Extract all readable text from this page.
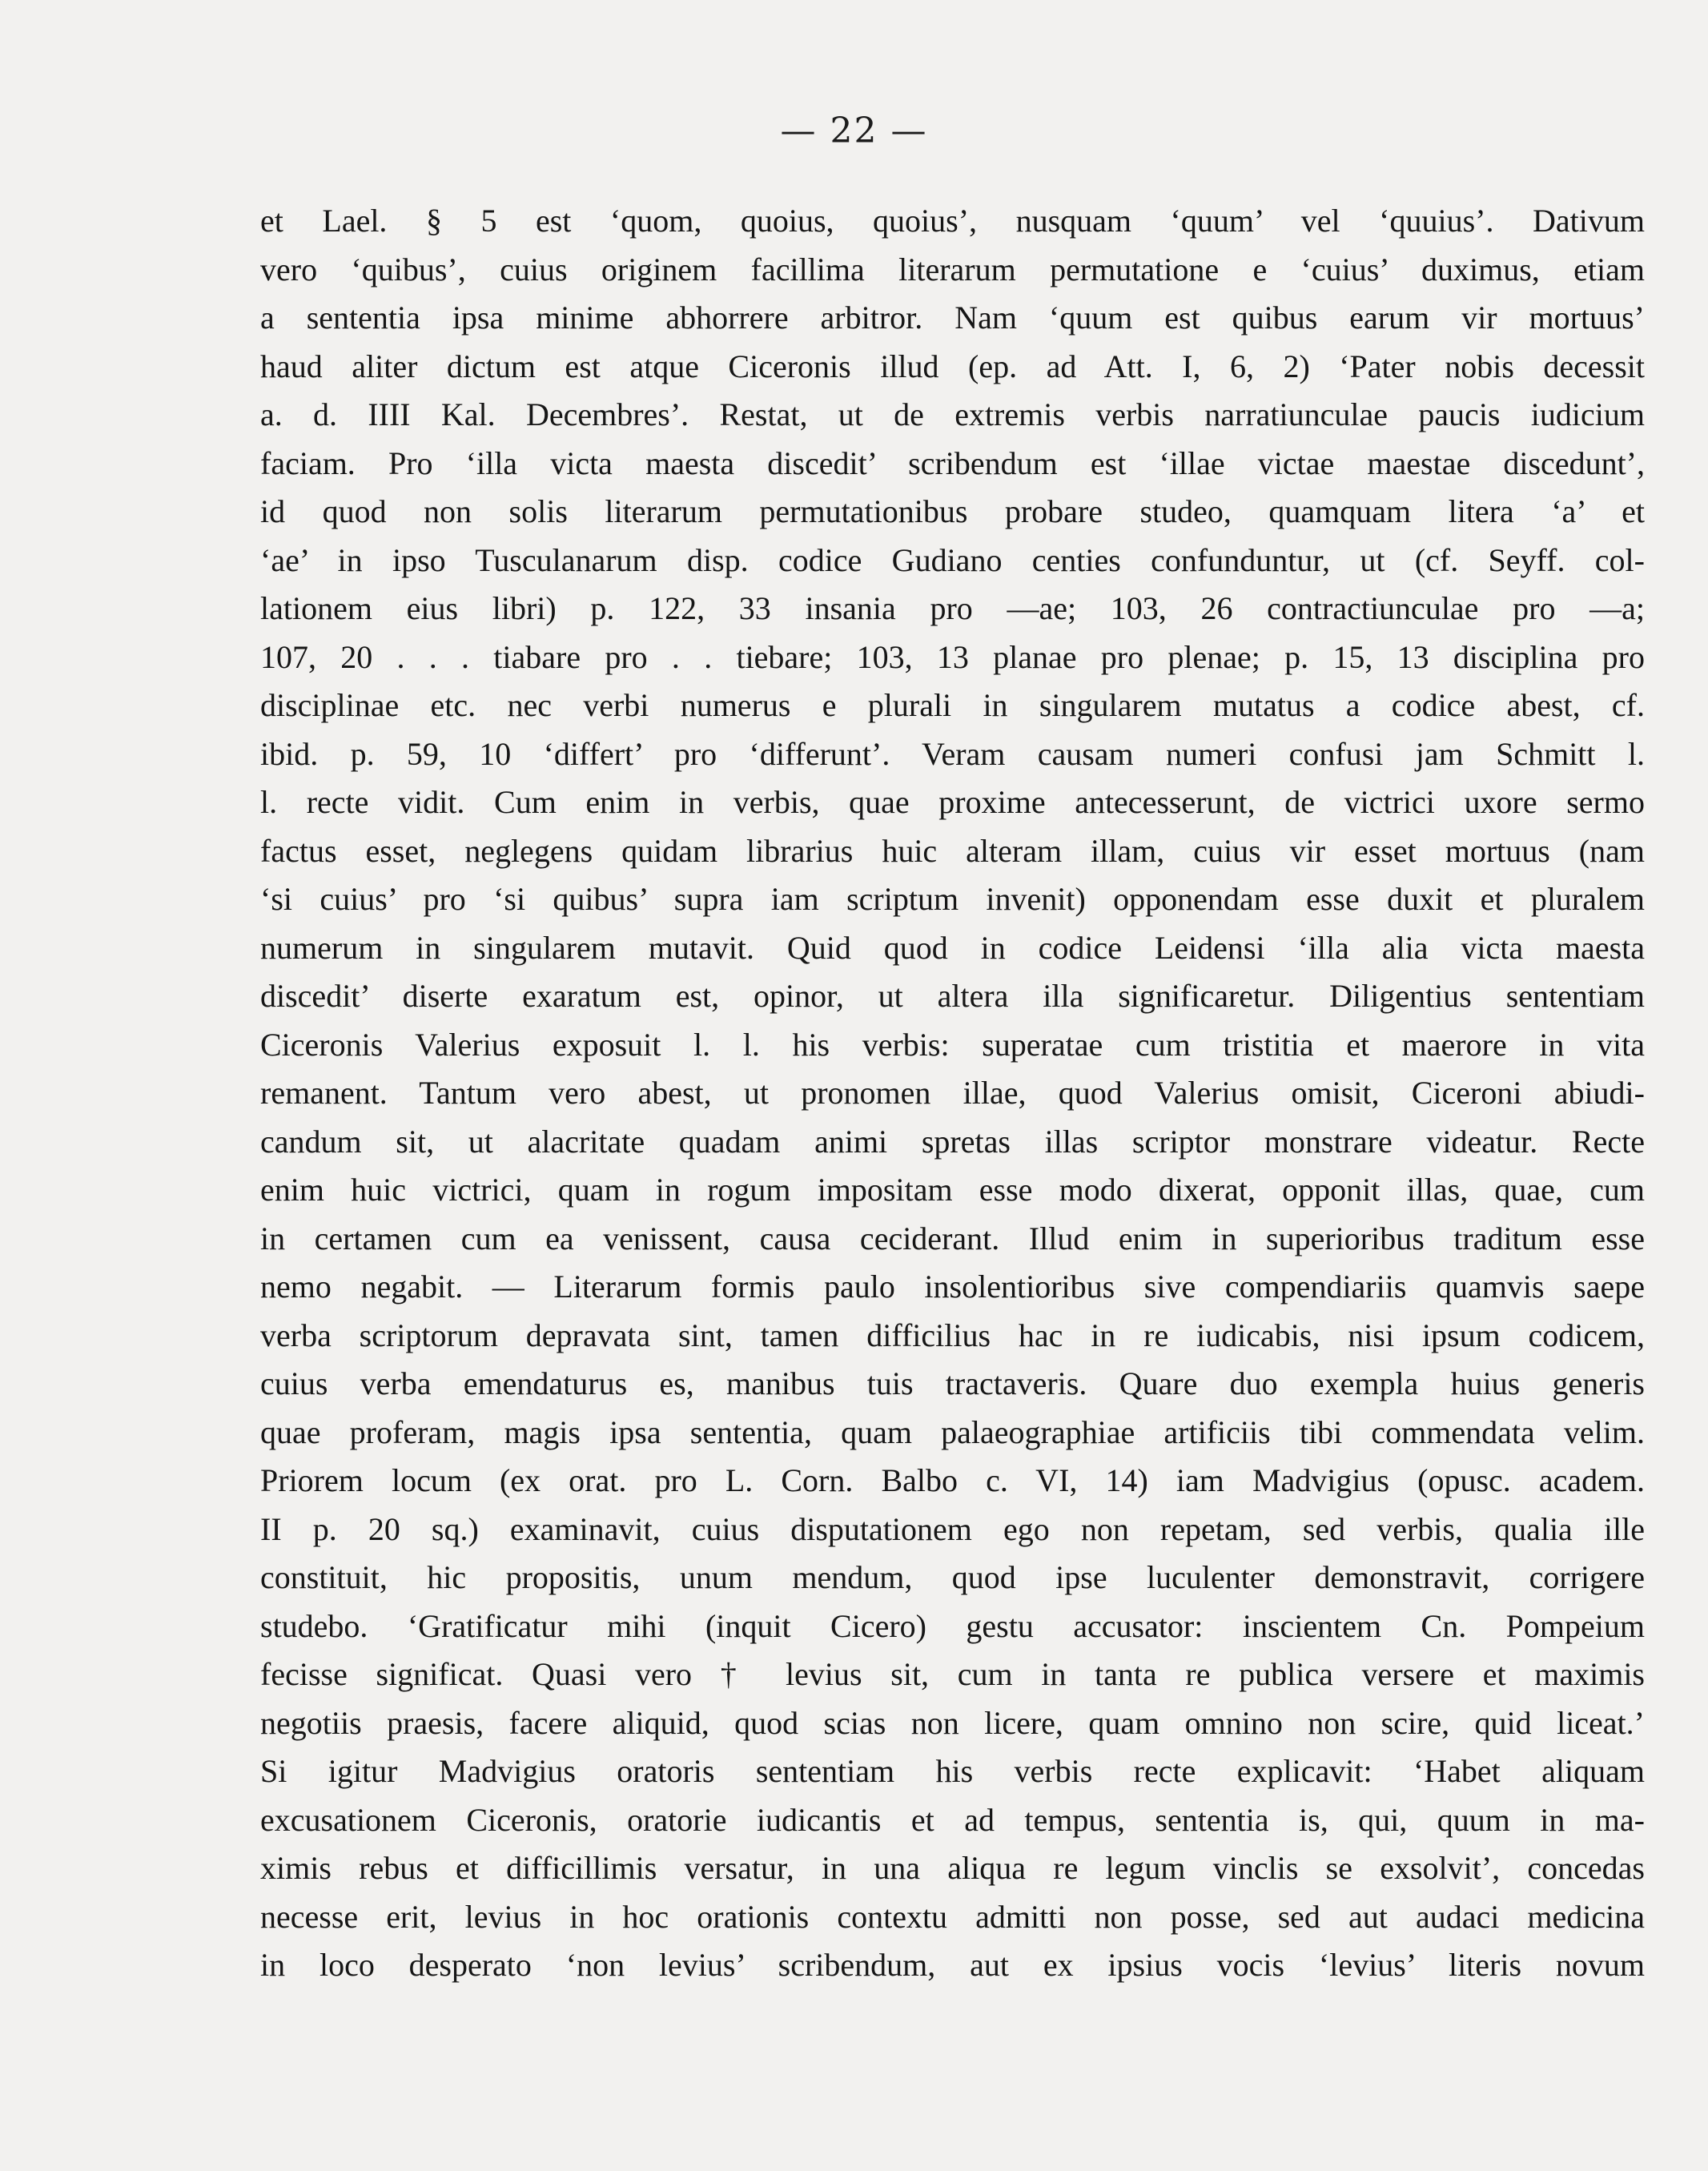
— 22 —
et Lael. § 5 est ‘quom, quoius, quoius’, nusquam ‘quum’ vel ‘quuius’. Dativum
vero ‘quibus’, cuius originem facillima literarum permutatione e ‘cuius’ duximus, etiam
a sententia ipsa minime abhorrere arbitror. Nam ‘quum est quibus earum vir mortuus’
haud aliter dictum est atque Ciceronis illud (ep. ad Att. I, 6, 2) ‘Pater nobis decessit
a. d. IIII Kal. Decembres’. Restat, ut de extremis verbis narratiunculae paucis iudicium
faciam. Pro ‘illa victa maesta discedit’ scribendum est ‘illae victae maestae discedunt’,
id quod non solis literarum permutationibus probare studeo, quamquam litera ‘a’ et
‘ae’ in ipso Tusculanarum disp. codice Gudiano centies confunduntur, ut (cf. Seyff. col-
lationem eius libri) p. 122, 33 insania pro —ae; 103, 26 contractiunculae pro —a;
107, 20 . . . tiabare pro . . tiebare; 103, 13 planae pro plenae; p. 15, 13 disciplina pro
disciplinae etc. nec verbi numerus e plurali in singularem mutatus a codice abest, cf.
ibid. p. 59, 10 ‘differt’ pro ‘differunt’. Veram causam numeri confusi jam Schmitt l.
l. recte vidit. Cum enim in verbis, quae proxime antecesserunt, de victrici uxore sermo
factus esset, neglegens quidam librarius huic alteram illam, cuius vir esset mortuus (nam
‘si cuius’ pro ‘si quibus’ supra iam scriptum invenit) opponendam esse duxit et pluralem
numerum in singularem mutavit. Quid quod in codice Leidensi ‘illa alia victa maesta
discedit’ diserte exaratum est, opinor, ut altera illa significaretur. Diligentius sententiam
Ciceronis Valerius exposuit l. l. his verbis: superatae cum tristitia et maerore in vita
remanent. Tantum vero abest, ut pronomen illae, quod Valerius omisit, Ciceroni abiudi-
candum sit, ut alacritate quadam animi spretas illas scriptor monstrare videatur. Recte
enim huic victrici, quam in rogum impositam esse modo dixerat, opponit illas, quae, cum
in certamen cum ea venissent, causa ceciderant. Illud enim in superioribus traditum esse
nemo negabit. — Literarum formis paulo insolentioribus sive compendiariis quamvis saepe
verba scriptorum depravata sint, tamen difficilius hac in re iudicabis, nisi ipsum codicem,
cuius verba emendaturus es, manibus tuis tractaveris. Quare duo exempla huius generis
quae proferam, magis ipsa sententia, quam palaeographiae artificiis tibi commendata velim.
Priorem locum (ex orat. pro L. Corn. Balbo c. VI, 14) iam Madvigius (opusc. academ.
II p. 20 sq.) examinavit, cuius disputationem ego non repetam, sed verbis, qualia ille
constituit, hic propositis, unum mendum, quod ipse luculenter demonstravit, corrigere
studebo. ‘Gratificatur mihi (inquit Cicero) gestu accusator: inscientem Cn. Pompeium
fecisse significat. Quasi vero † levius sit, cum in tanta re publica versere et maximis
negotiis praesis, facere aliquid, quod scias non licere, quam omnino non scire, quid liceat.’
Si igitur Madvigius oratoris sententiam his verbis recte explicavit: ‘Habet aliquam
excusationem Ciceronis, oratorie iudicantis et ad tempus, sententia is, qui, quum in ma-
ximis rebus et difficillimis versatur, in una aliqua re legum vinclis se exsolvit’, concedas
necesse erit, levius in hoc orationis contextu admitti non posse, sed aut audaci medicina
in loco desperato ‘non levius’ scribendum, aut ex ipsius vocis ‘levius’ literis novum
